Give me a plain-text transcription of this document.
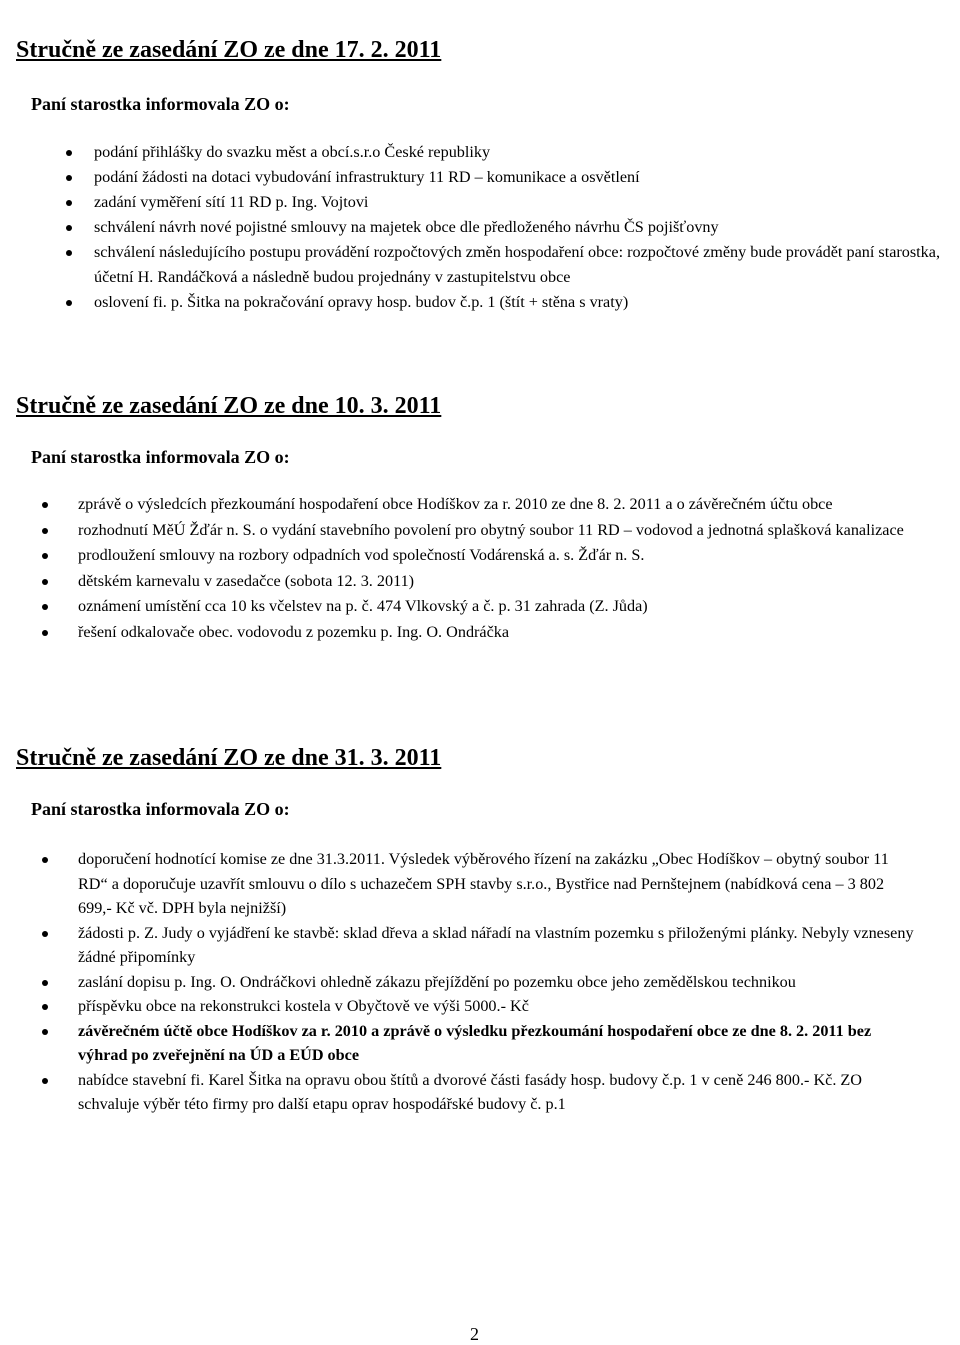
Stručně ze zasedání ZO ze dne 17. 2. 2011

Paní starostka informovala ZO o:

podání přihlášky do svazku měst a obcí.s.r.o České republiky
podání žádosti na dotaci vybudování infrastruktury 11 RD – komunikace a osvětlení
zadání vyměření sítí 11 RD p. Ing. Vojtovi
schválení návrh nové pojistné smlouvy na majetek obce dle předloženého návrhu ČS pojišťovny
schválení následujícího postupu provádění rozpočtových změn hospodaření obce: rozpočtové změny bude provádět paní starostka, účetní H. Randáčková a následně budou projednány v zastupitelstvu obce
oslovení fi. p. Šitka na pokračování opravy hosp. budov č.p. 1 (štít + stěna s vraty)
Stručně ze zasedání ZO ze dne 10. 3. 2011

Paní starostka informovala ZO o:

zprávě o výsledcích přezkoumání hospodaření obce Hodíškov za r. 2010 ze dne 8. 2. 2011 a o závěrečném účtu obce
rozhodnutí MěÚ Žďár n. S. o vydání stavebního povolení pro obytný soubor 11 RD – vodovod a jednotná splašková kanalizace
prodloužení smlouvy na rozbory odpadních vod společností Vodárenská a. s. Žďár n. S.
dětském karnevalu v zasedačce (sobota 12. 3. 2011)
oznámení umístění cca 10 ks včelstev na p. č. 474 Vlkovský a č. p. 31 zahrada (Z. Jůda)
řešení odkalovače obec. vodovodu z pozemku p. Ing. O. Ondráčka
Stručně ze zasedání ZO ze dne 31. 3. 2011

Paní starostka informovala ZO o:

doporučení hodnotící komise ze dne 31.3.2011. Výsledek výběrového řízení na zakázku „Obec Hodíškov – obytný soubor 11 RD“ a doporučuje uzavřít smlouvu o dílo s uchazečem SPH stavby s.r.o., Bystřice nad Pernštejnem (nabídková cena – 3 802 699,- Kč vč. DPH byla nejnižší)
žádosti p. Z. Judy o vyjádření ke stavbě: sklad dřeva a sklad nářadí na vlastním pozemku s přiloženými plánky. Nebyly vzneseny žádné připomínky
zaslání dopisu p. Ing. O. Ondráčkovi ohledně zákazu přejíždění po pozemku obce jeho zemědělskou technikou
příspěvku obce na rekonstrukci kostela v Obyčtově ve výši 5000.- Kč
závěrečném účtě obce Hodíškov za r. 2010 a zprávě o výsledku přezkoumání hospodaření obce ze dne 8. 2. 2011 bez výhrad po zveřejnění na ÚD a EÚD obce
nabídce stavební fi. Karel Šitka na opravu obou štítů a dvorové části fasády hosp. budovy č.p. 1 v ceně 246 800.- Kč. ZO schvaluje výběr této firmy pro další etapu oprav hospodářské budovy č. p.1

2
